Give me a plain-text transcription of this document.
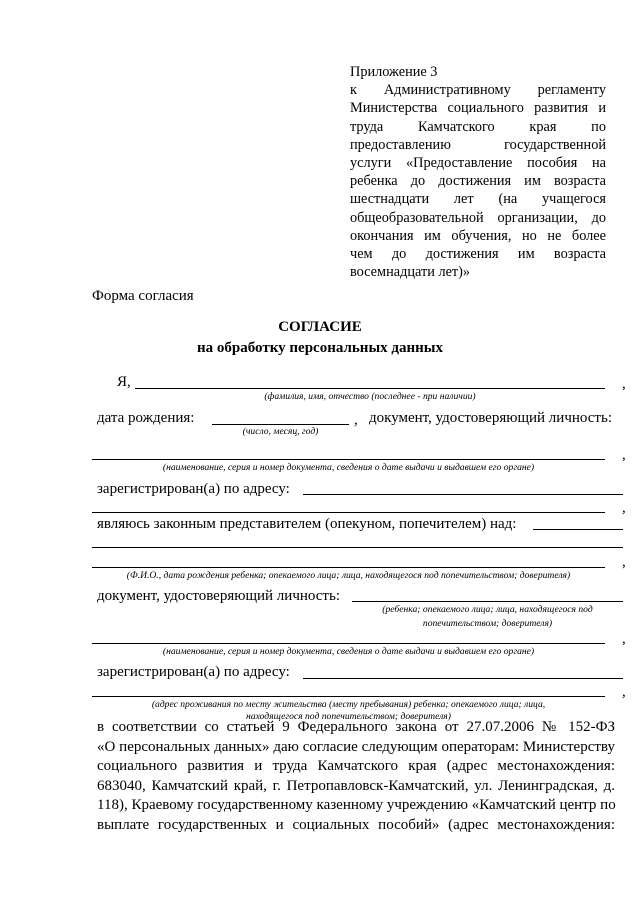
Приложение 3
к Административному регламенту
Министерства социального развития и
труда Камчатского края по
предоставлению государственной
услуги «Предоставление пособия на
ребенка до достижения им возраста
шестнадцати лет (на учащегося
общеобразовательной организации, до
окончания им обучения, но не более
чем до достижения им возраста
восемнадцати лет)»
Форма согласия
СОГЛАСИЕ
на обработку персональных данных
Я,	,
(фамилия, имя, отчество (последнее - при наличии)
дата рождения:	, документ, удостоверяющий личность:
(число, месяц, год)
,
(наименование, серия и номер документа, сведения о дате выдачи и выдавшем его органе)
зарегистрирован(а) по адресу:
,
являюсь законным представителем (опекуном, попечителем) над:
,
(Ф.И.О., дата рождения ребенка; опекаемого лица; лица, находящегося под попечительством; доверителя)
документ, удостоверяющий личность:
(ребенка; опекаемого лица; лица, находящегося под
попечительством; доверителя)
,
(наименование, серия и номер документа, сведения о дате выдачи и выдавшем его органе)
зарегистрирован(а) по адресу:
,
(адрес проживания по месту жительства (месту пребывания) ребенка; опекаемого лица; лица,
находящегося под попечительством; доверителя)
в соответствии со статьей 9 Федерального закона от 27.07.2006 № 152-ФЗ
«О персональных данных» даю согласие следующим операторам: Министерству
социального развития и труда Камчатского края (адрес местонахождения:
683040, Камчатский край, г. Петропавловск-Камчатский, ул. Ленинградская, д.
118), Краевому государственному казенному учреждению «Камчатский центр по
выплате государственных и социальных пособий» (адрес местонахождения:
